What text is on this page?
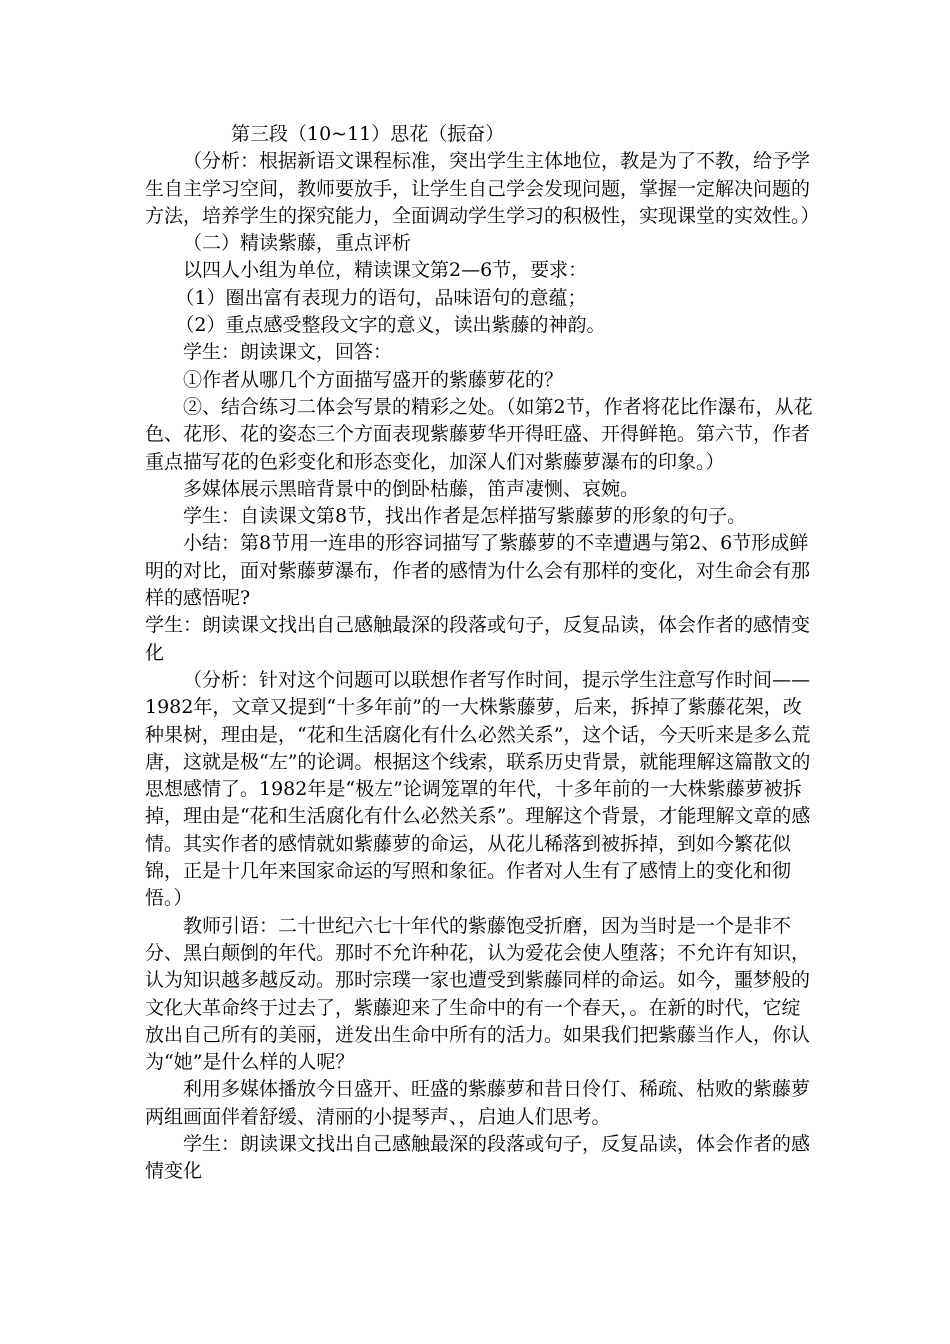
第三段（10~11）思花（振奋）

（分析：根据新语文课程标准，突出学生主体地位，教是为了不教，给予学生自主学习空间，教师要放手，让学生自己学会发现问题，掌握一定解决问题的方法，培养学生的探究能力，全面调动学生学习的积极性，实现课堂的实效性。）

（二）精读紫藤，重点评析

以四人小组为单位，精读课文第2—6节，要求：

（1）圈出富有表现力的语句，品味语句的意蕴；

（2）重点感受整段文字的意义，读出紫藤的神韵。

学生：朗读课文，回答：

①作者从哪几个方面描写盛开的紫藤萝花的？

②、结合练习二体会写景的精彩之处。（如第2节，作者将花比作瀑布，从花色、花形、花的姿态三个方面表现紫藤萝华开得旺盛、开得鲜艳。第六节，作者重点描写花的色彩变化和形态变化，加深人们对紫藤萝瀑布的印象。）

多媒体展示黑暗背景中的倒卧枯藤，笛声凄恻、哀婉。

学生：自读课文第8节，找出作者是怎样描写紫藤萝的形象的句子。

小结：第8节用一连串的形容词描写了紫藤萝的不幸遭遇与第2、6节形成鲜明的对比，面对紫藤萝瀑布，作者的感情为什么会有那样的变化，对生命会有那样的感悟呢?

学生：朗读课文找出自己感触最深的段落或句子，反复品读，体会作者的感情变化

（分析：针对这个问题可以联想作者写作时间，提示学生注意写作时间——1982年，文章又提到“十多年前”的一大株紫藤萝，后来，拆掉了紫藤花架，改种果树，理由是，“花和生活腐化有什么必然关系”，这个话，今天听来是多么荒唐，这就是极“左”的论调。根据这个线索，联系历史背景，就能理解这篇散文的思想感情了。1982年是“极左”论调笼罩的年代，十多年前的一大株紫藤萝被拆掉，理由是“花和生活腐化有什么必然关系”。理解这个背景，才能理解文章的感情。其实作者的感情就如紫藤萝的命运，从花儿稀落到被拆掉，到如今繁花似锦，正是十几年来国家命运的写照和象征。作者对人生有了感情上的变化和彻悟。）

教师引语：二十世纪六七十年代的紫藤饱受折磨，因为当时是一个是非不分、黑白颠倒的年代。那时不允许种花，认为爱花会使人堕落；不允许有知识，认为知识越多越反动。那时宗璞一家也遭受到紫藤同样的命运。如今，噩梦般的文化大革命终于过去了，紫藤迎来了生命中的有一个春天，。在新的时代，它绽放出自己所有的美丽，迸发出生命中所有的活力。如果我们把紫藤当作人，你认为“她”是什么样的人呢？

利用多媒体播放今日盛开、旺盛的紫藤萝和昔日伶仃、稀疏、枯败的紫藤萝两组画面伴着舒缓、清丽的小提琴声、，启迪人们思考。

学生：朗读课文找出自己感触最深的段落或句子，反复品读，体会作者的感情变化
